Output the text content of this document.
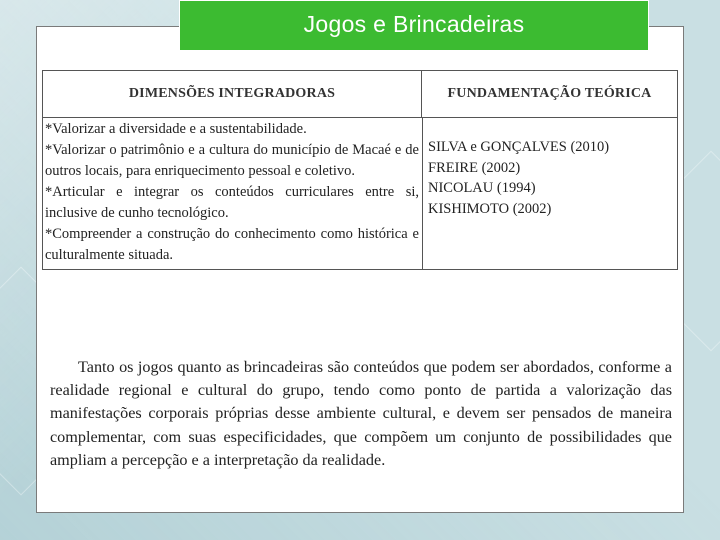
Jogos e Brincadeiras
DIMENSÕES INTEGRADORAS	FUNDAMENTAÇÃO TEÓRICA
*Valorizar a diversidade e a sustentabilidade.
*Valorizar o patrimônio e a cultura do município de Macaé e de outros locais, para enriquecimento pessoal e coletivo.
*Articular e integrar os conteúdos curriculares entre si, inclusive de cunho tecnológico.
*Compreender a construção do conhecimento como histórica e culturalmente situada.
SILVA e GONÇALVES (2010)
FREIRE (2002)
NICOLAU (1994)
KISHIMOTO (2002)
Tanto os jogos quanto as brincadeiras são conteúdos que podem ser abordados, conforme a realidade regional e cultural do grupo, tendo como ponto de partida a valorização das manifestações corporais próprias desse ambiente cultural, e devem ser pensados de maneira complementar, com suas especificidades, que compõem um conjunto de possibilidades que ampliam a percepção e a interpretação da realidade.
